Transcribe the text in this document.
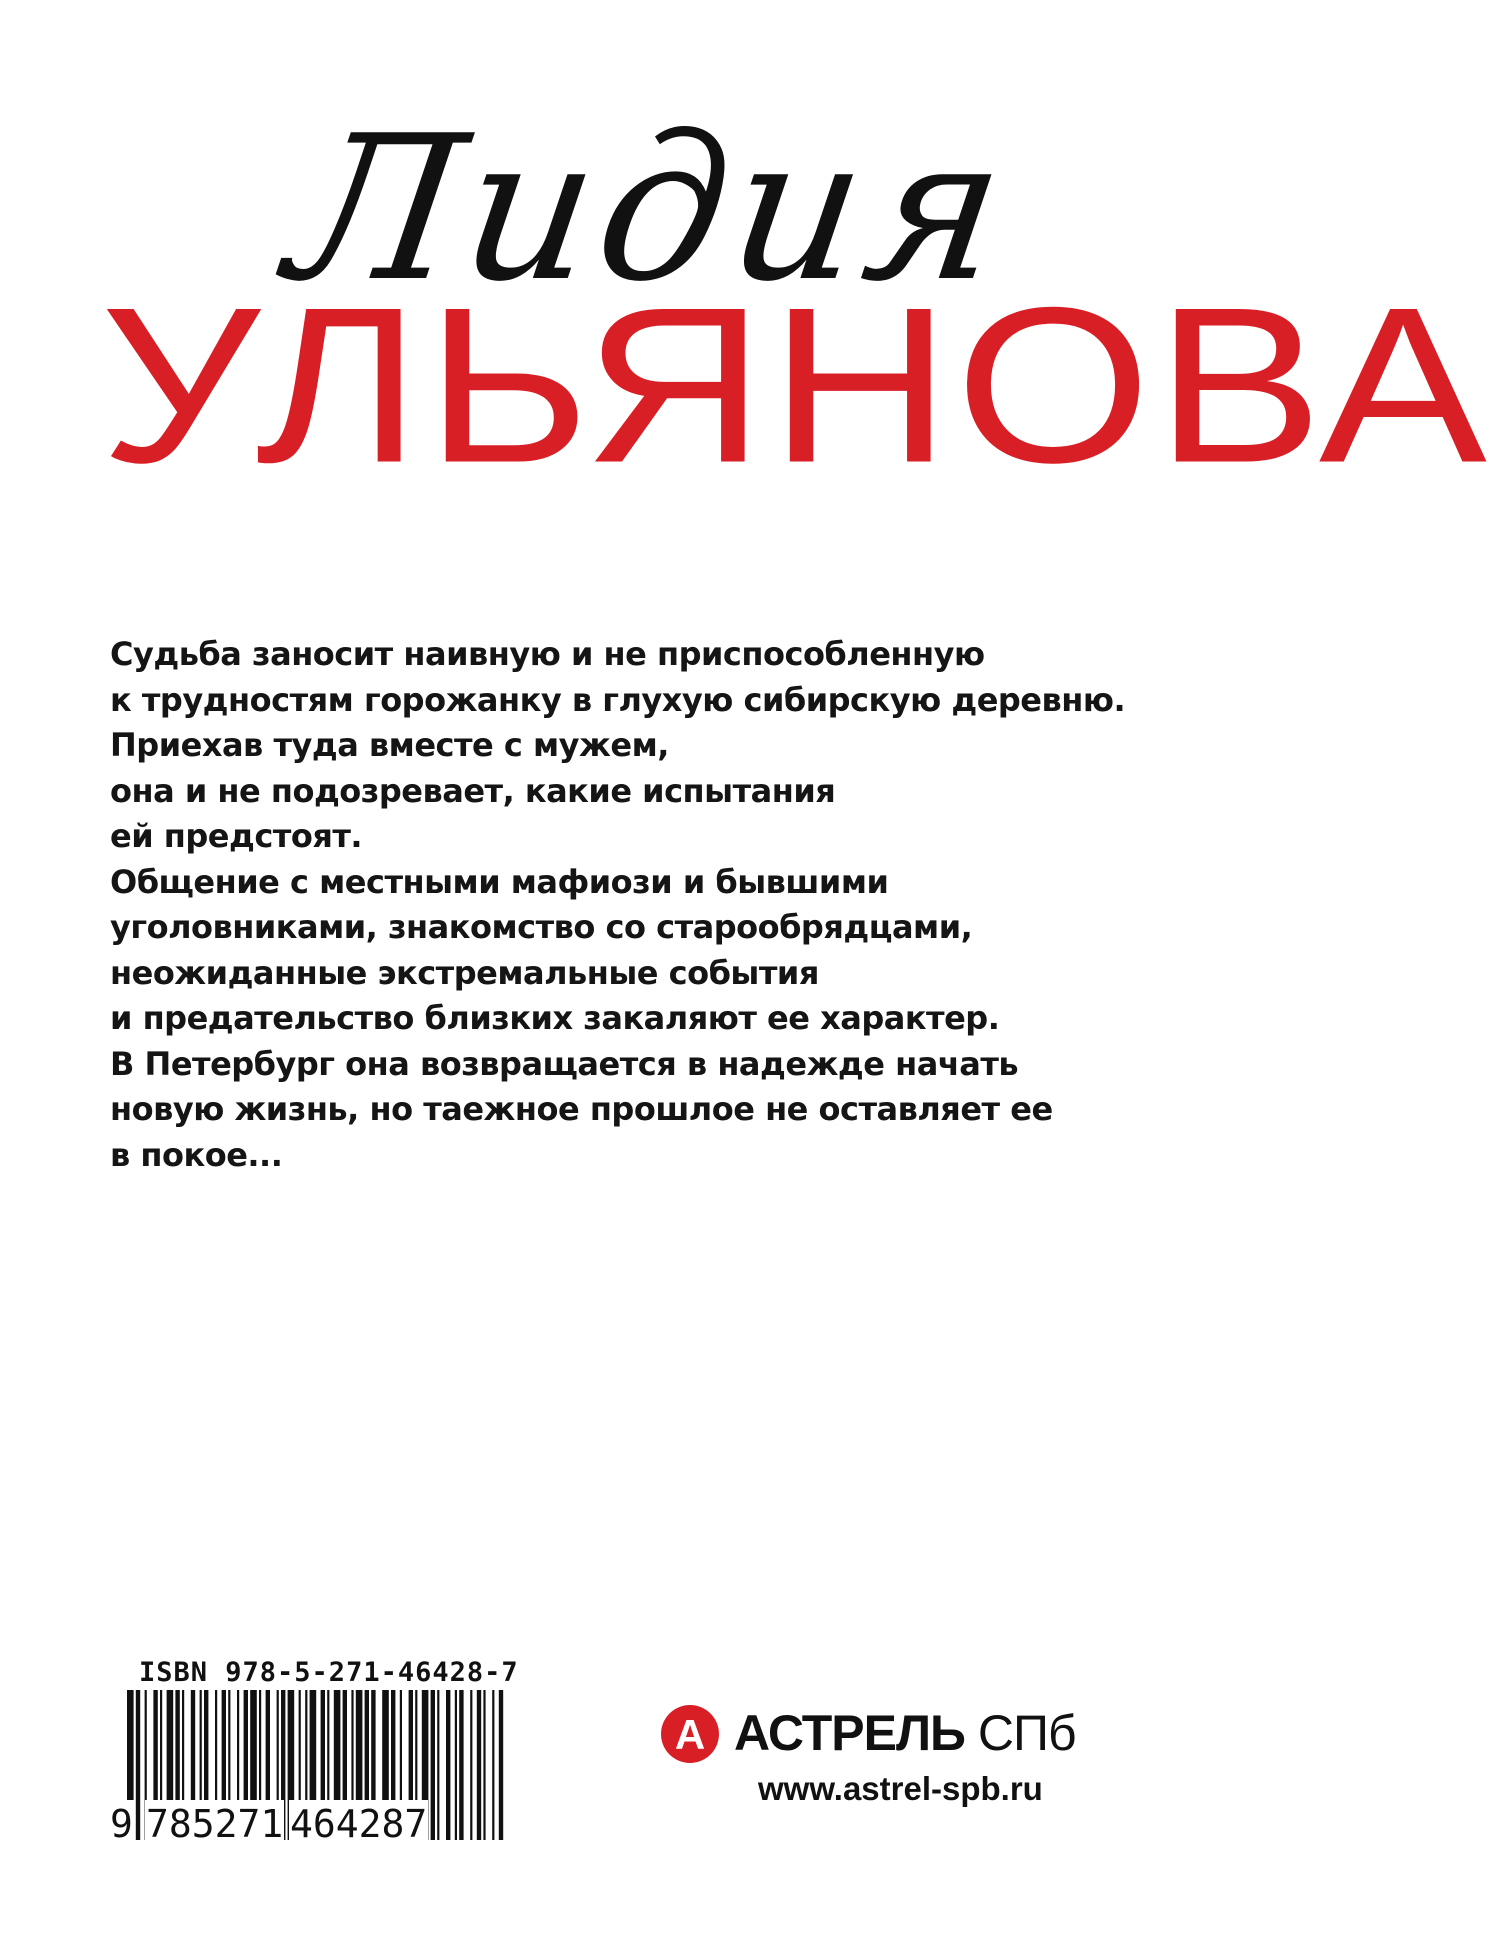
Лидия
УЛЬЯНОВА
Судьба заносит наивную и не приспособленную
к трудностям горожанку в глухую сибирскую деревню.
Приехав туда вместе с мужем,
она и не подозревает, какие испытания
ей предстоят.
Общение с местными мафиози и бывшими
уголовниками, знакомство со старообрядцами,
неожиданные экстремальные события
и предательство близких закаляют ее характер.
В Петербург она возвращается в надежде начать
новую жизнь, но таежное прошлое не оставляет ее
в покое...
ISBN 978-5-271-46428-7
9 785271 464287
А АСТРЕЛЬ СПб
www.astrel-spb.ru
